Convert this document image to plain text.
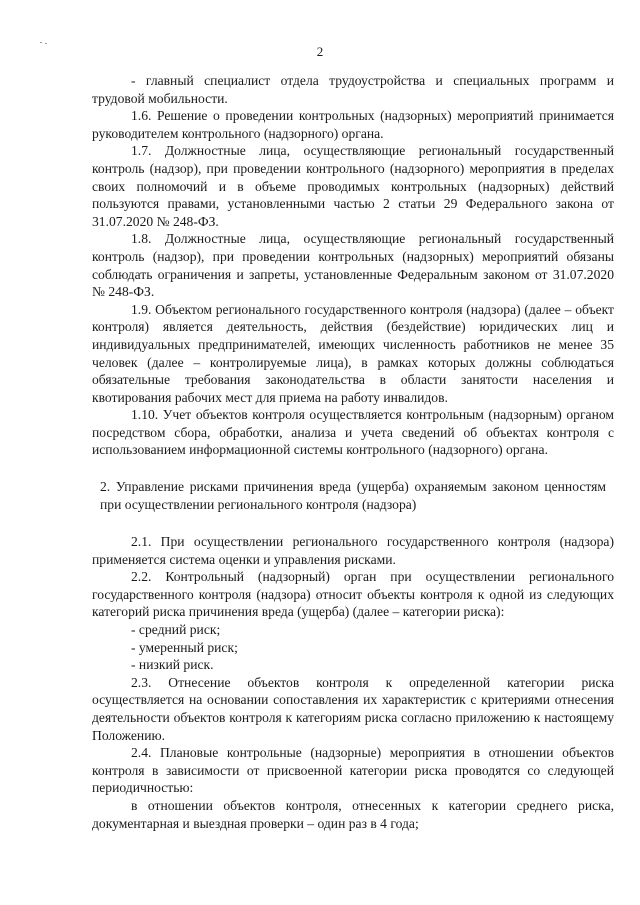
2

- главный специалист отдела трудоустройства и специальных программ и трудовой мобильности.

1.6. Решение о проведении контрольных (надзорных) мероприятий принимается руководителем контрольного (надзорного) органа.

1.7. Должностные лица, осуществляющие региональный государственный контроль (надзор), при проведении контрольного (надзорного) мероприятия в пределах своих полномочий и в объеме проводимых контрольных (надзорных) действий пользуются правами, установленными частью 2 статьи 29 Федерального закона от 31.07.2020 № 248-ФЗ.

1.8. Должностные лица, осуществляющие региональный государственный контроль (надзор), при проведении контрольных (надзорных) мероприятий обязаны соблюдать ограничения и запреты, установленные Федеральным законом от 31.07.2020 № 248-ФЗ.

1.9. Объектом регионального государственного контроля (надзора) (далее – объект контроля) является деятельность, действия (бездействие) юридических лиц и индивидуальных предпринимателей, имеющих численность работников не менее 35 человек (далее – контролируемые лица), в рамках которых должны соблюдаться обязательные требования законодательства в области занятости населения и квотирования рабочих мест для приема на работу инвалидов.

1.10. Учет объектов контроля осуществляется контрольным (надзорным) органом посредством сбора, обработки, анализа и учета сведений об объектах контроля с использованием информационной системы контрольного (надзорного) органа.

2. Управление рисками причинения вреда (ущерба) охраняемым законом ценностям при осуществлении регионального контроля (надзора)

2.1. При осуществлении регионального государственного контроля (надзора) применяется система оценки и управления рисками.

2.2. Контрольный (надзорный) орган при осуществлении регионального государственного контроля (надзора) относит объекты контроля к одной из следующих категорий риска причинения вреда (ущерба) (далее – категории риска):

- средний риск;

- умеренный риск;

- низкий риск.

2.3. Отнесение объектов контроля к определенной категории риска осуществляется на основании сопоставления их характеристик с критериями отнесения деятельности объектов контроля к категориям риска согласно приложению к настоящему Положению.

2.4. Плановые контрольные (надзорные) мероприятия в отношении объектов контроля в зависимости от присвоенной категории риска проводятся со следующей периодичностью:

в отношении объектов контроля, отнесенных к категории среднего риска, документарная и выездная проверки – один раз в 4 года;
